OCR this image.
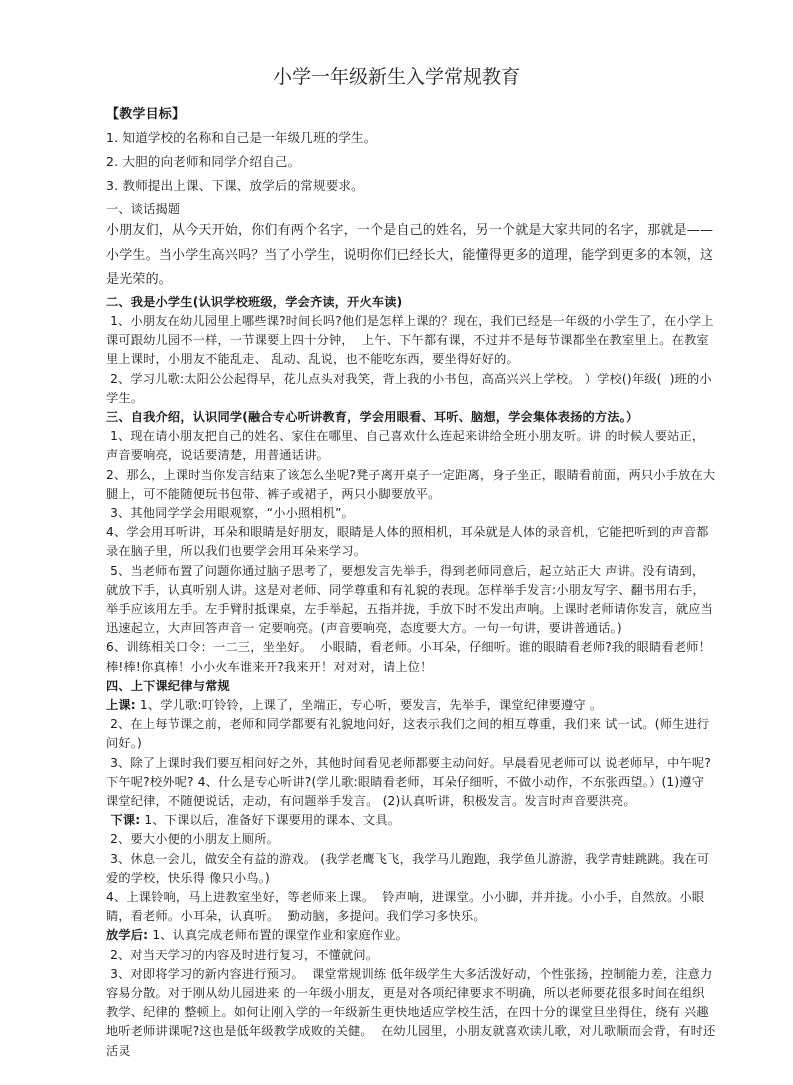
小学一年级新生入学常规教育

【教学目标】

1. 知道学校的名称和自己是一年级几班的学生。

2. 大胆的向老师和同学介绍自己。

3. 教师提出上课、下课、放学后的常规要求。

一、谈话揭题

小朋友们，从今天开始，你们有两个名字，一个是自己的姓名，另一个就是大家共同的名字，那就是——小学生。当小学生高兴吗？当了小学生，说明你们已经长大，能懂得更多的道理，能学到更多的本领，这是光荣的。

二、我是小学生(认识学校班级，学会齐读，开火车读)

1、小朋友在幼儿园里上哪些课?时间长吗?他们是怎样上课的？现在，我们已经是一年级的小学生了，在小学上课可跟幼儿园不一样，一节课要上四十分钟，  上午、下午都有课，不过并不是每节课都坐在教室里上。在教室里上课时，小朋友不能乱走、 乱动、乱说，也不能吃东西，要坐得好好的。

2、学习儿歌:太阳公公起得早，花儿点头对我笑，背上我的小书包，高高兴兴上学校。 ）学校()年级(  )班的小学生。

三、自我介绍，认识同学(融合专心听讲教育，学会用眼看、耳听、脑想，学会集体表扬的方法。）

1、现在请小朋友把自己的姓名、家住在哪里、自己喜欢什么连起来讲给全班小朋友听。讲 的时候人要站正，声音要响亮，说话要清楚，用普通话讲。

2、那么，上课时当你发言结束了该怎么坐呢?凳子离开桌子一定距离，身子坐正，眼睛看前面，两只小手放在大腿上，可不能随便玩书包带、裤子或裙子，两只小脚要放平。

3、其他同学学会用眼观察，“小小照相机”。

4、学会用耳听讲，耳朵和眼睛是好朋友，眼睛是人体的照相机，耳朵就是人体的录音机，它能把听到的声音都录在脑子里，所以我们也要学会用耳朵来学习。

5、当老师布置了问题你通过脑子思考了，要想发言先举手，得到老师同意后，起立站正大 声讲。没有请到，就放下手，认真听别人讲。这是对老师、同学尊重和有礼貌的表现。怎样举手发言:小朋友写字、翻书用右手，举手应该用左手。左手臂肘抵课桌，左手举起，五指并拢，手放下时不发出声响。上课时老师请你发言，就应当迅速起立，大声回答声音一 定要响亮。(声音要响亮，态度要大方。一句一句讲，要讲普通话。)

6、训练相关口令：一二三，坐坐好。  小眼睛，看老师。小耳朵，仔细听。谁的眼睛看老师?我的眼睛看老师！棒!棒!你真棒！小小火车谁来开?我来开！对对对，请上位！

四、上下课纪律与常规

上课: 1、学儿歌:叮铃铃，上课了，坐端正，专心听，要发言，先举手，课堂纪律要遵守 。

2、在上每节课之前，老师和同学都要有礼貌地问好，这表示我们之间的相互尊重，我们来 试一试。(师生进行问好。)

3、除了上课时我们要互相问好之外，其他时间看见老师都要主动问好。早晨看见老师可以 说老师早，中午呢?下午呢?校外呢? 4、什么是专心听讲?(学儿歌:眼睛看老师，耳朵仔细听，不做小动作，不东张西望。）(1)遵守课堂纪律，不随便说话，走动，有问题举手发言。 (2)认真听讲，积极发言。发言时声音要洪亮。

下课: 1、下课以后，准备好下课要用的课本、文具。

2、要大小便的小朋友上厕所。

3、休息一会儿，做安全有益的游戏。 (我学老鹰飞飞，我学马儿跑跑，我学鱼儿游游，我学青蛙跳跳。我在可爱的学校，快乐得 像只小鸟。)

4、上课铃响，马上进教室坐好，等老师来上课。  铃声响，进课堂。小小脚，并并拢。小小手，自然放。小眼睛，看老师。小耳朵，认真听。  勤动脑，多提问。我们学习多快乐。

放学后: 1、认真完成老师布置的课堂作业和家庭作业。

2、对当天学习的内容及时进行复习，不懂就问。

3、对即将学习的新内容进行预习。  课堂常规训练 低年级学生大多活泼好动，个性张扬，控制能力差，注意力容易分散。对于刚从幼儿园进来 的一年级小朋友，更是对各项纪律要求不明确，所以老师要花很多时间在组织教学、纪律的 整顿上。如何让刚入学的一年级新生更快地适应学校生活，在四十分的课堂旦坐得住，绕有 兴趣地听老师讲课呢?这也是低年级教学成败的关健。  在幼儿园里，小朋友就喜欢读儿歌，对儿歌顺而会背，有时还活灵
